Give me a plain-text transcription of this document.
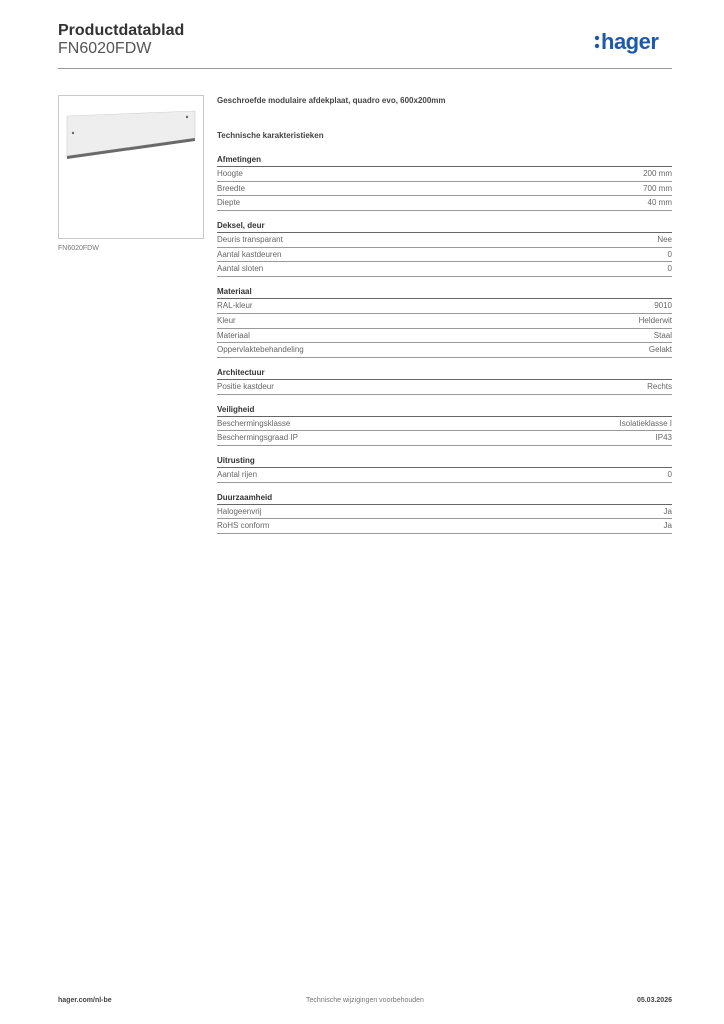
Productdatablad
FN6020FDW	hager
FN6020FDW
Geschroefde modulaire afdekplaat, quadro evo, 600x200mm
Technische karakteristieken
Afmetingen
Hoogte	200 mm
Breedte	700 mm
Diepte	40 mm
Deksel, deur
Deuris transparant	Nee
Aantal kastdeuren	0
Aantal sloten	0
Materiaal
RAL-kleur	9010
Kleur	Helderwit
Materiaal	Staal
Oppervlaktebehandeling	Gelakt
Architectuur
Positie kastdeur	Rechts
Veiligheid
Beschermingsklasse	Isolatieklasse I
Beschermingsgraad IP	IP43
Uitrusting
Aantal rijen	0
Duurzaamheid
Halogeenvrij	Ja
RoHS conform	Ja
hager.com/nl-be	Technische wijzigingen voorbehouden	05.03.2026
